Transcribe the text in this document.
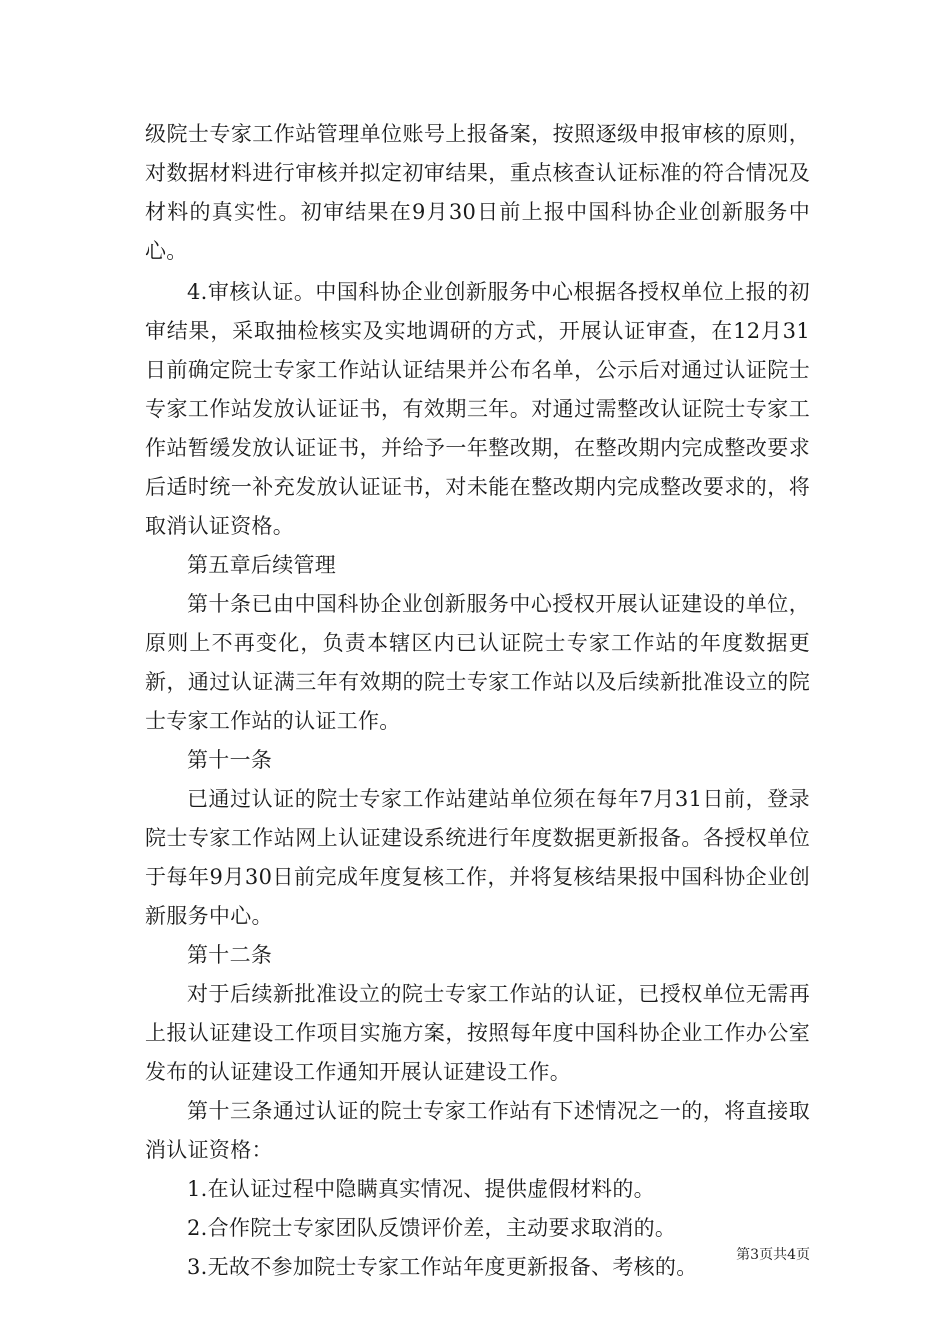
级院士专家工作站管理单位账号上报备案，按照逐级申报审核的原则，对数据材料进行审核并拟定初审结果，重点核查认证标准的符合情况及材料的真实性。初审结果在9月30日前上报中国科协企业创新服务中心。

4.审核认证。中国科协企业创新服务中心根据各授权单位上报的初审结果，采取抽检核实及实地调研的方式，开展认证审查，在12月31日前确定院士专家工作站认证结果并公布名单，公示后对通过认证院士专家工作站发放认证证书，有效期三年。对通过需整改认证院士专家工作站暂缓发放认证证书，并给予一年整改期，在整改期内完成整改要求后适时统一补充发放认证证书，对未能在整改期内完成整改要求的，将取消认证资格。

第五章后续管理

第十条已由中国科协企业创新服务中心授权开展认证建设的单位，原则上不再变化，负责本辖区内已认证院士专家工作站的年度数据更新，通过认证满三年有效期的院士专家工作站以及后续新批准设立的院士专家工作站的认证工作。

第十一条

已通过认证的院士专家工作站建站单位须在每年7月31日前，登录院士专家工作站网上认证建设系统进行年度数据更新报备。各授权单位于每年9月30日前完成年度复核工作，并将复核结果报中国科协企业创新服务中心。

第十二条

对于后续新批准设立的院士专家工作站的认证，已授权单位无需再上报认证建设工作项目实施方案，按照每年度中国科协企业工作办公室发布的认证建设工作通知开展认证建设工作。

第十三条通过认证的院士专家工作站有下述情况之一的，将直接取消认证资格：

1.在认证过程中隐瞒真实情况、提供虚假材料的。

2.合作院士专家团队反馈评价差，主动要求取消的。

3.无故不参加院士专家工作站年度更新报备、考核的。	第3页共4页
